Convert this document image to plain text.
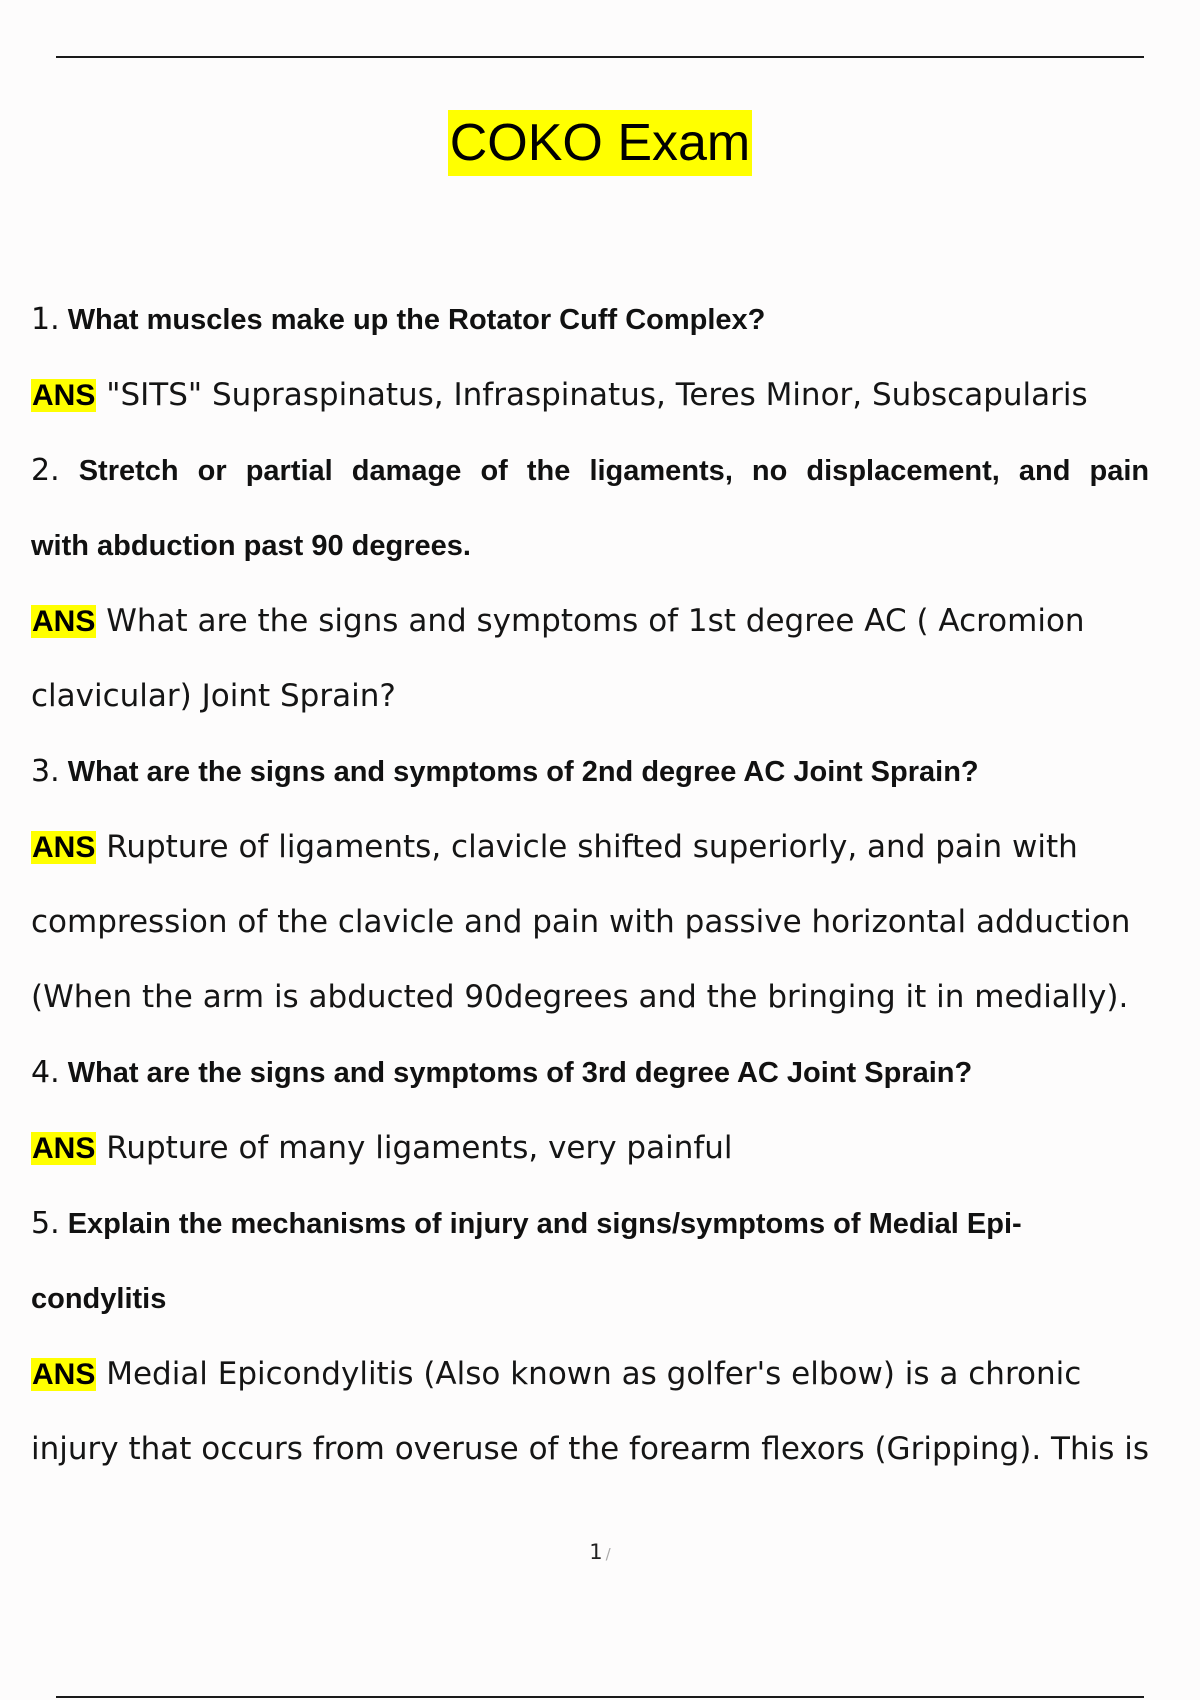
COKO Exam
1. What muscles make up the Rotator Cuff Complex?
ANS "SITS" Supraspinatus, Infraspinatus, Teres Minor, Subscapularis
2. Stretch or partial damage of the ligaments, no displacement, and pain
with abduction past 90 degrees.
ANS What are the signs and symptoms of 1st degree AC ( Acromion
clavicular) Joint Sprain?
3. What are the signs and symptoms of 2nd degree AC Joint Sprain?
ANS Rupture of ligaments, clavicle shifted superiorly, and pain with
compression of the clavicle and pain with passive horizontal adduction
(When the arm is abducted 90degrees and the bringing it in medially).
4. What are the signs and symptoms of 3rd degree AC Joint Sprain?
ANS Rupture of many ligaments, very painful
5. Explain the mechanisms of injury and signs/symptoms of Medial Epi-
condylitis
ANS Medial Epicondylitis (Also known as golfer's elbow) is a chronic
injury that occurs from overuse of the forearm flexors (Gripping). This is
1 /
